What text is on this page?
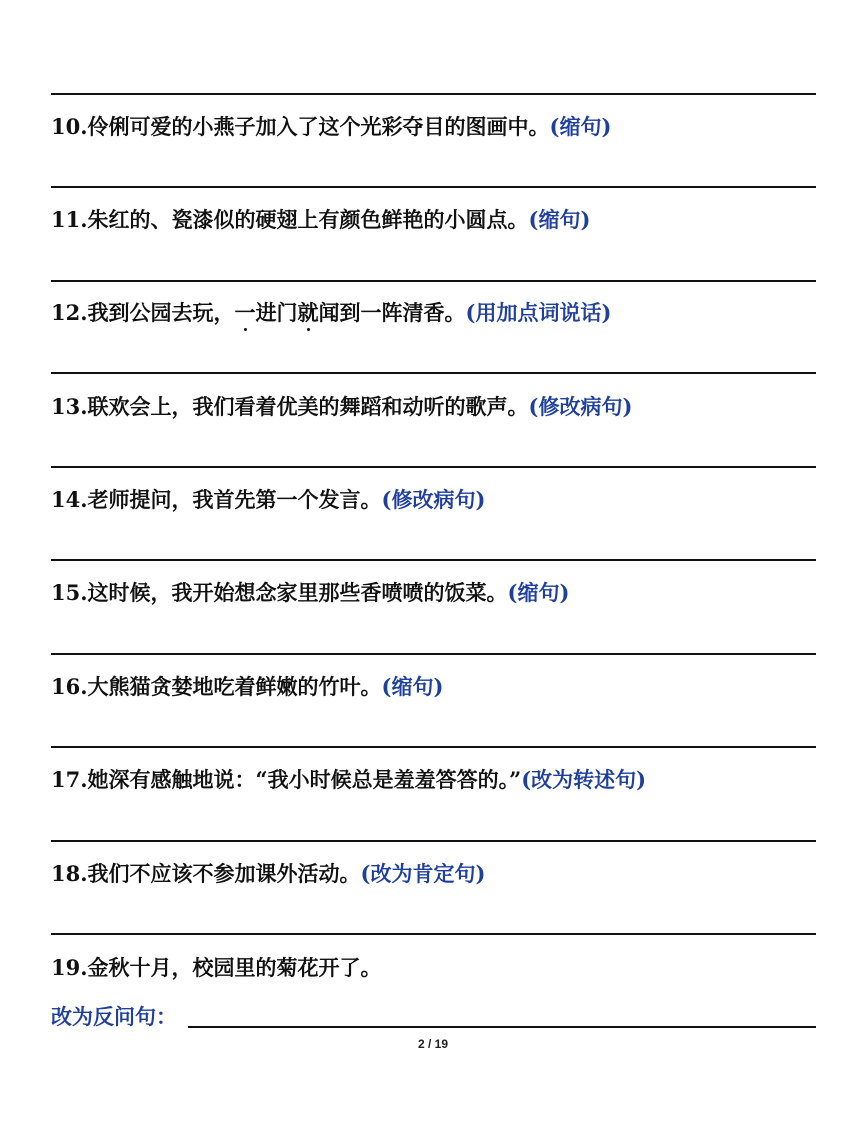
10.伶俐可爱的小燕子加入了这个光彩夺目的图画中。(缩句)
11.朱红的、瓷漆似的硬翅上有颜色鲜艳的小圆点。(缩句)
12.我到公园去玩，一
进门就
闻到一阵清香。(用加点词说话)
13.联欢会上，我们看着优美的舞蹈和动听的歌声。(修改病句)
14.老师提问，我首先第一个发言。(修改病句)
15.这时候，我开始想念家里那些香喷喷的饭菜。(缩句)
16.大熊猫贪婪地吃着鲜嫩的竹叶。(缩句)
17.她深有感触地说：“我小时候总是羞羞答答的。”(改为转述句)
18.我们不应该不参加课外活动。(改为肯定句)
19.金秋十月，校园里的菊花开了。
改为反问句：
2 / 19
